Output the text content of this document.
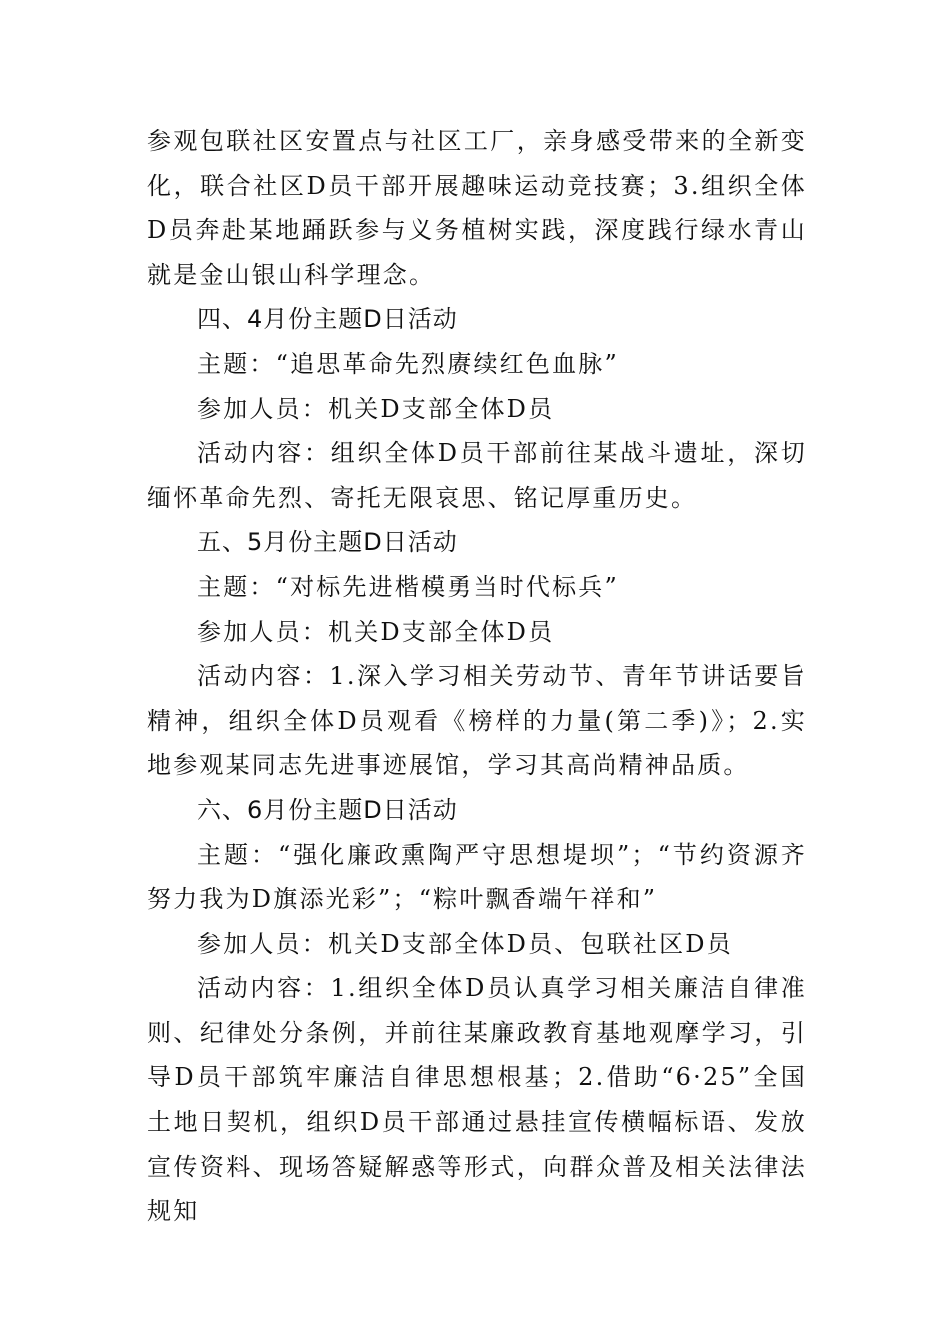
参观包联社区安置点与社区工厂，亲身感受带来的全新变化，联合社区D员干部开展趣味运动竞技赛；3.组织全体D员奔赴某地踊跃参与义务植树实践，深度践行绿水青山就是金山银山科学理念。

四、4月份主题D日活动

主题：“追思革命先烈赓续红色血脉”

参加人员：机关D支部全体D员

活动内容：组织全体D员干部前往某战斗遗址，深切缅怀革命先烈、寄托无限哀思、铭记厚重历史。

五、5月份主题D日活动

主题：“对标先进楷模勇当时代标兵”

参加人员：机关D支部全体D员

活动内容：1.深入学习相关劳动节、青年节讲话要旨精神，组织全体D员观看《榜样的力量(第二季)》；2.实地参观某同志先进事迹展馆，学习其高尚精神品质。

六、6月份主题D日活动

主题：“强化廉政熏陶严守思想堤坝”；“节约资源齐努力我为D旗添光彩”；“粽叶飘香端午祥和”

参加人员：机关D支部全体D员、包联社区D员

活动内容：1.组织全体D员认真学习相关廉洁自律准则、纪律处分条例，并前往某廉政教育基地观摩学习，引导D员干部筑牢廉洁自律思想根基；2.借助“6·25”全国土地日契机，组织D员干部通过悬挂宣传横幅标语、发放宣传资料、现场答疑解惑等形式，向群众普及相关法律法规知
